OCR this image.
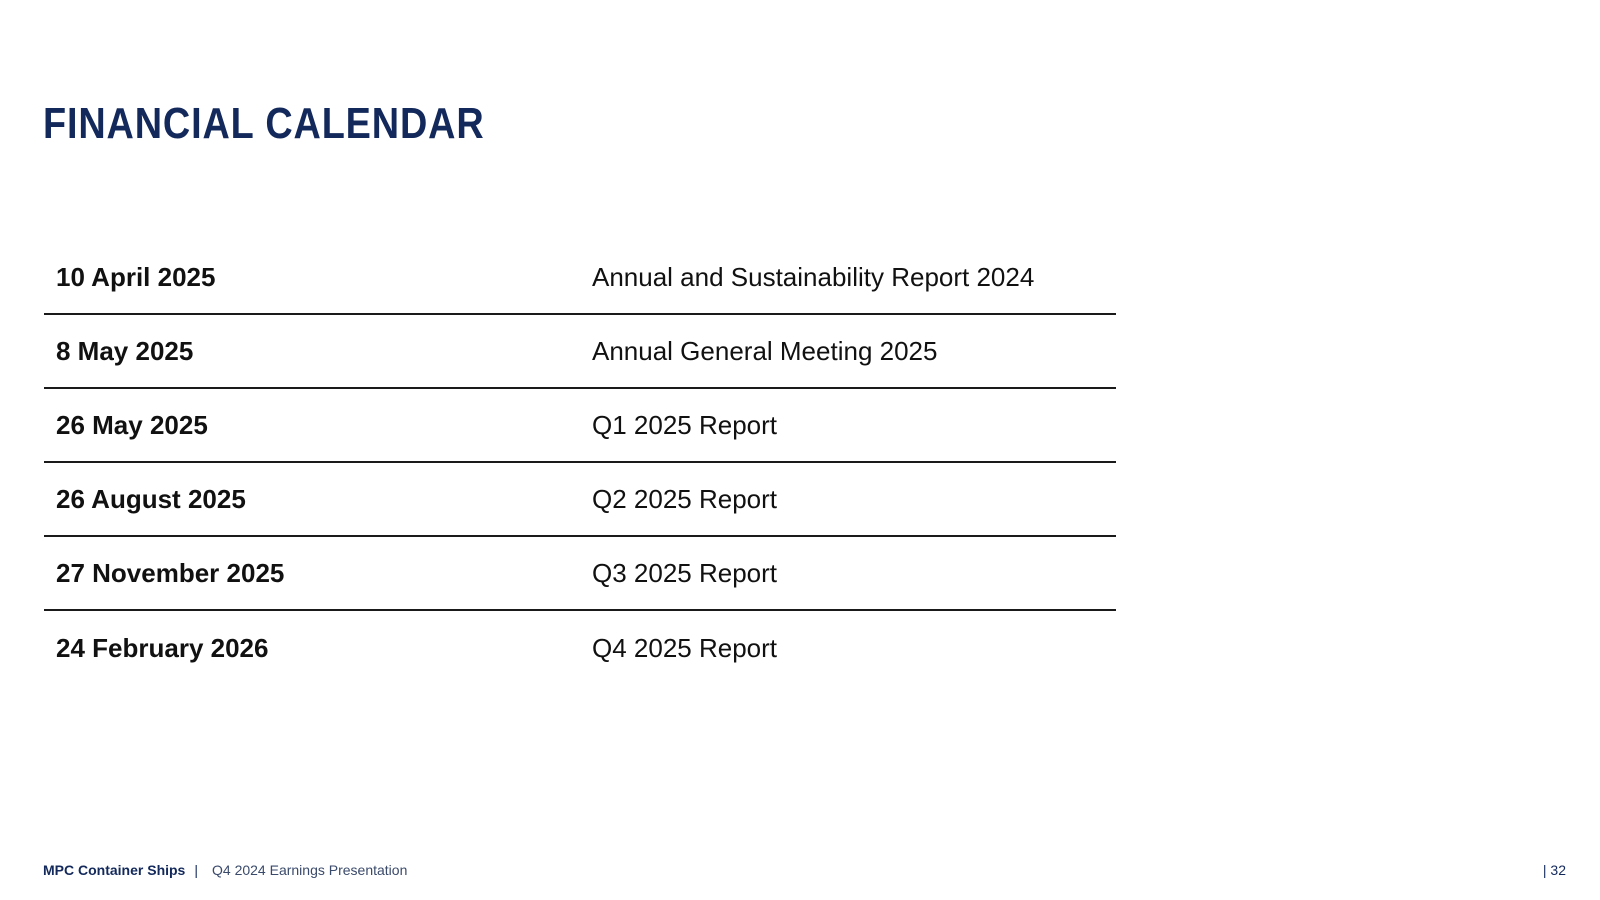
FINANCIAL CALENDAR
10 April 2025	Annual and Sustainability Report 2024
8 May 2025	Annual General Meeting 2025
26 May 2025	Q1 2025 Report
26 August 2025	Q2 2025 Report
27 November 2025	Q3 2025 Report
24 February 2026	Q4 2025 Report
MPC Container Ships | Q4 2024 Earnings Presentation	| 32
